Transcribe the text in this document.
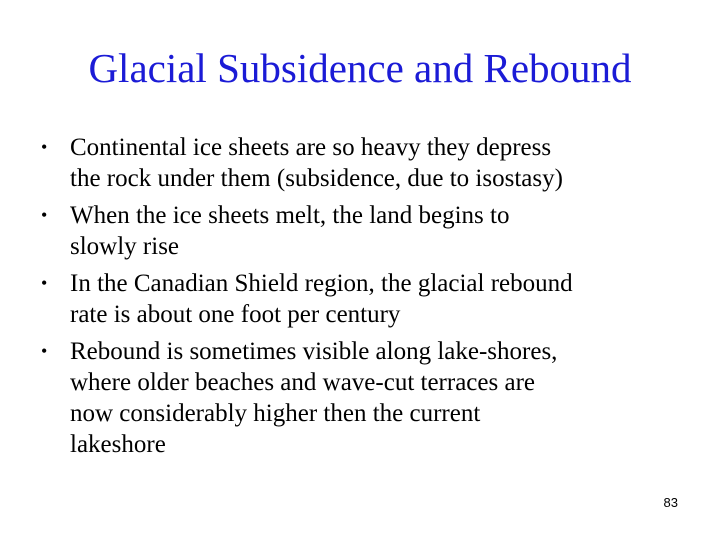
Glacial Subsidence and Rebound
• Continental ice sheets are so heavy they depress
the rock under them (subsidence, due to isostasy)
• When the ice sheets melt, the land begins to
slowly rise
• In the Canadian Shield region, the glacial rebound
rate is about one foot per century
• Rebound is sometimes visible along lake-shores,
where older beaches and wave-cut terraces are
now considerably higher then the current
lakeshore
83
